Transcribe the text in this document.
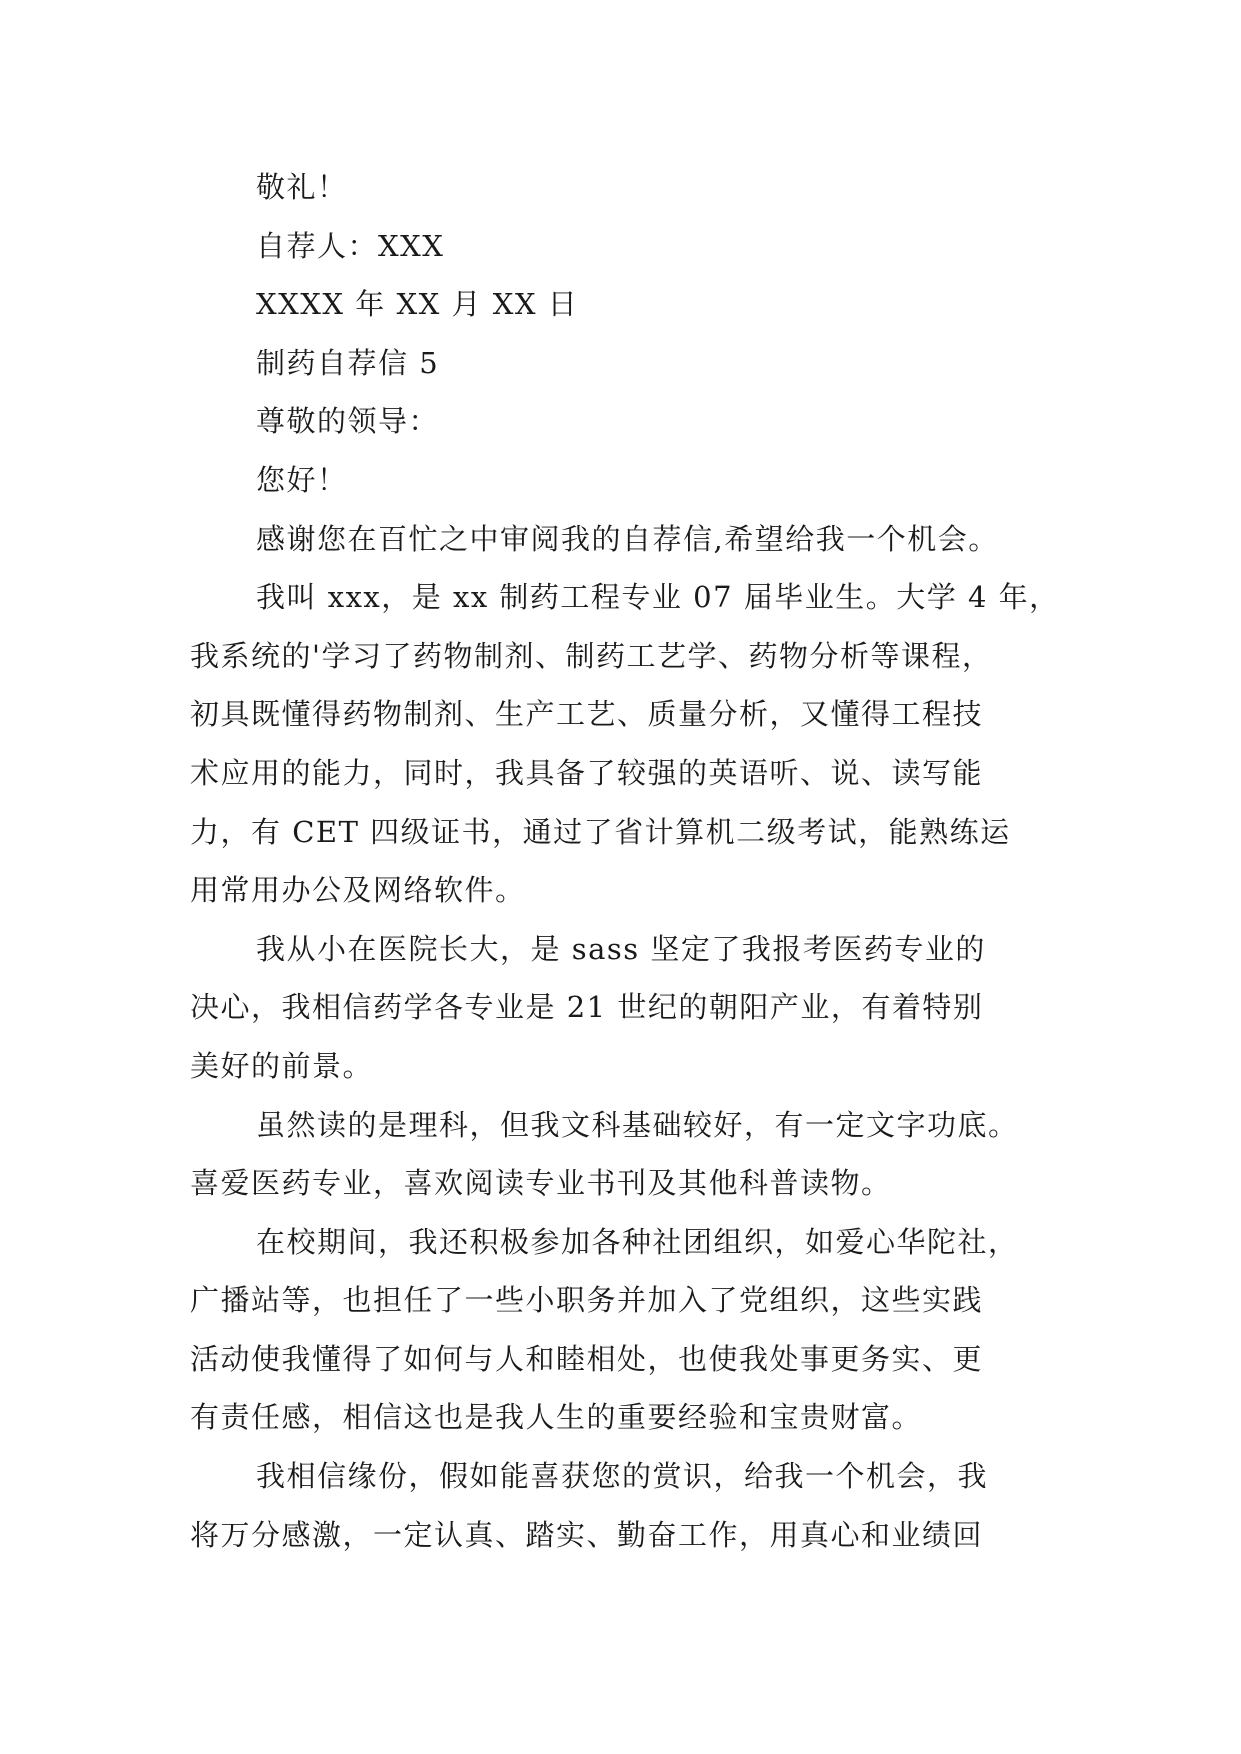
敬礼！
自荐人：XXX
XXXX 年 XX 月 XX 日
制药自荐信 5
尊敬的领导：
您好！
感谢您在百忙之中审阅我的自荐信,希望给我一个机会。
我叫 xxx，是 xx 制药工程专业 07 届毕业生。大学 4 年，
我系统的'学习了药物制剂、制药工艺学、药物分析等课程，
初具既懂得药物制剂、生产工艺、质量分析，又懂得工程技
术应用的能力，同时，我具备了较强的英语听、说、读写能
力，有 CET 四级证书，通过了省计算机二级考试，能熟练运
用常用办公及网络软件。
我从小在医院长大，是 sass 坚定了我报考医药专业的
决心，我相信药学各专业是 21 世纪的朝阳产业，有着特别
美好的前景。
虽然读的是理科，但我文科基础较好，有一定文字功底。
喜爱医药专业，喜欢阅读专业书刊及其他科普读物。
在校期间，我还积极参加各种社团组织，如爱心华陀社，
广播站等，也担任了一些小职务并加入了党组织，这些实践
活动使我懂得了如何与人和睦相处，也使我处事更务实、更
有责任感，相信这也是我人生的重要经验和宝贵财富。
我相信缘份，假如能喜获您的赏识，给我一个机会，我
将万分感激，一定认真、踏实、勤奋工作，用真心和业绩回
